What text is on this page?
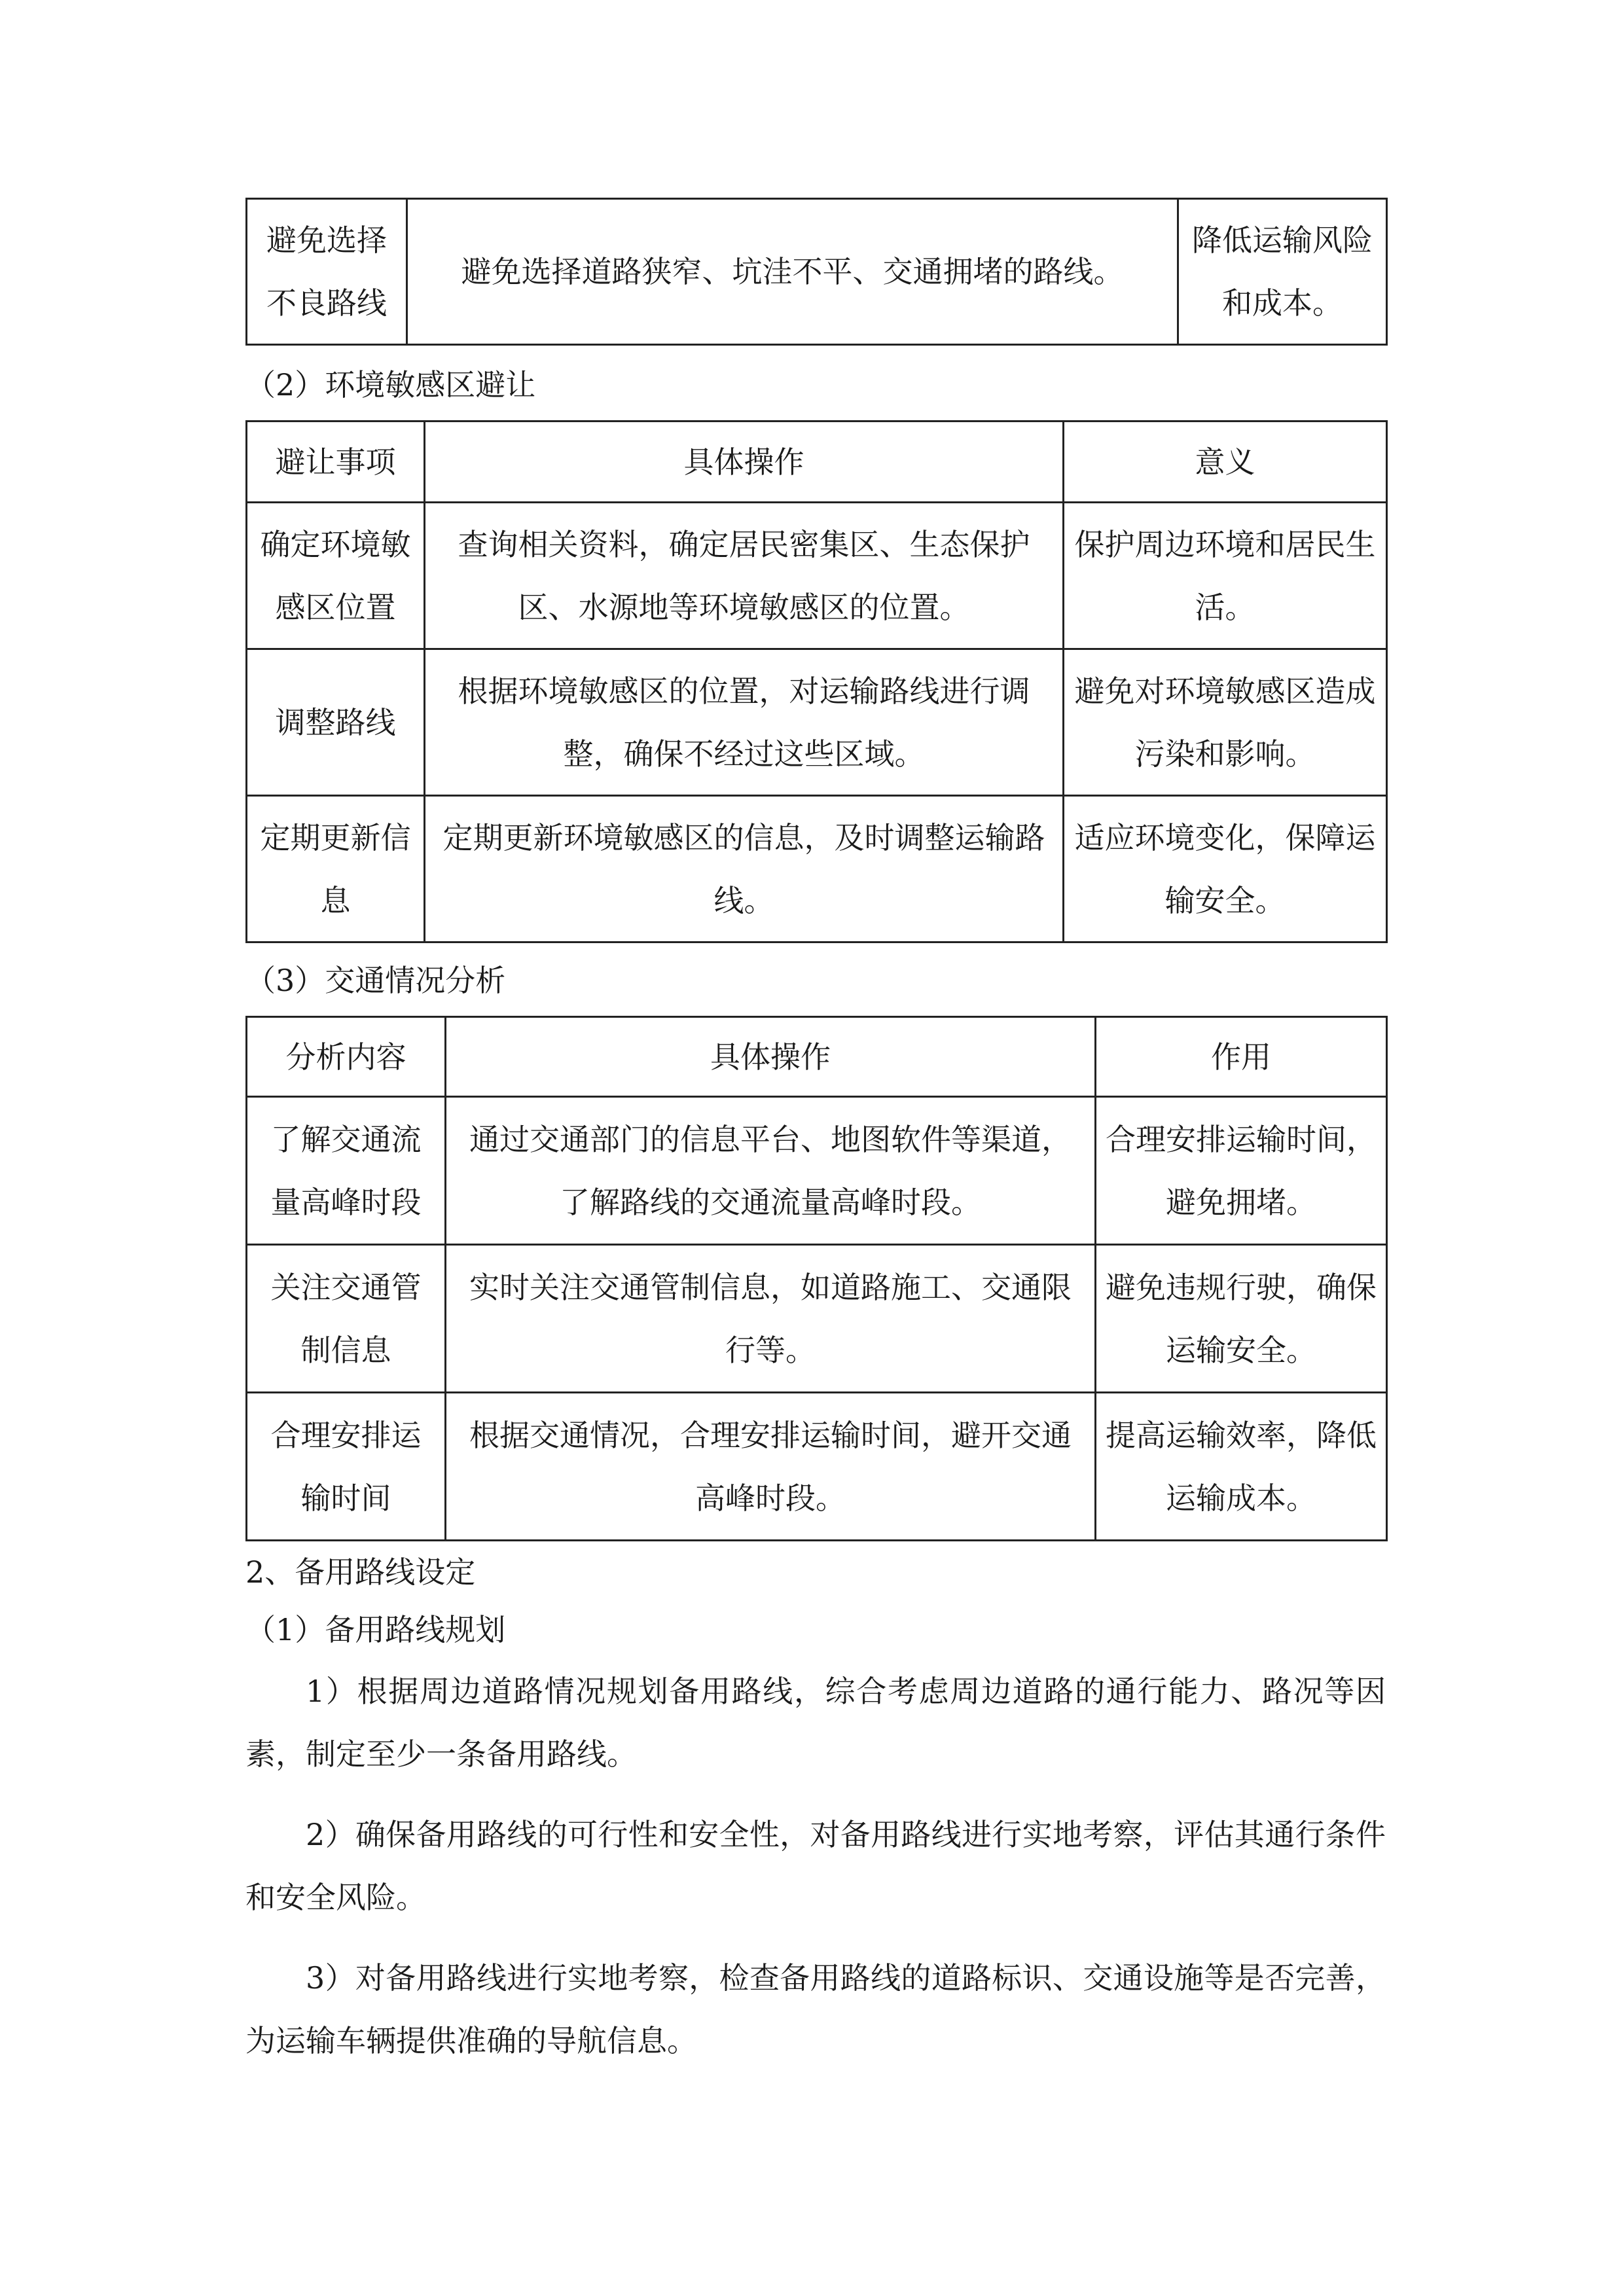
避免选择不良路线	避免选择道路狭窄、坑洼不平、交通拥堵的路线。	降低运输风险和成本。
（2）环境敏感区避让
避让事项	具体操作	意义
确定环境敏感区位置	查询相关资料，确定居民密集区、生态保护区、水源地等环境敏感区的位置。	保护周边环境和居民生活。
调整路线	根据环境敏感区的位置，对运输路线进行调整，确保不经过这些区域。	避免对环境敏感区造成污染和影响。
定期更新信息	定期更新环境敏感区的信息，及时调整运输路线。	适应环境变化，保障运输安全。
（3）交通情况分析
分析内容	具体操作	作用
了解交通流量高峰时段	通过交通部门的信息平台、地图软件等渠道，了解路线的交通流量高峰时段。	合理安排运输时间，避免拥堵。
关注交通管制信息	实时关注交通管制信息，如道路施工、交通限行等。	避免违规行驶，确保运输安全。
合理安排运输时间	根据交通情况，合理安排运输时间，避开交通高峰时段。	提高运输效率，降低运输成本。
2、备用路线设定
（1）备用路线规划
1）根据周边道路情况规划备用路线，综合考虑周边道路的通行能力、路况等因素，制定至少一条备用路线。
2）确保备用路线的可行性和安全性，对备用路线进行实地考察，评估其通行条件和安全风险。
3）对备用路线进行实地考察，检查备用路线的道路标识、交通设施等是否完善，为运输车辆提供准确的导航信息。
